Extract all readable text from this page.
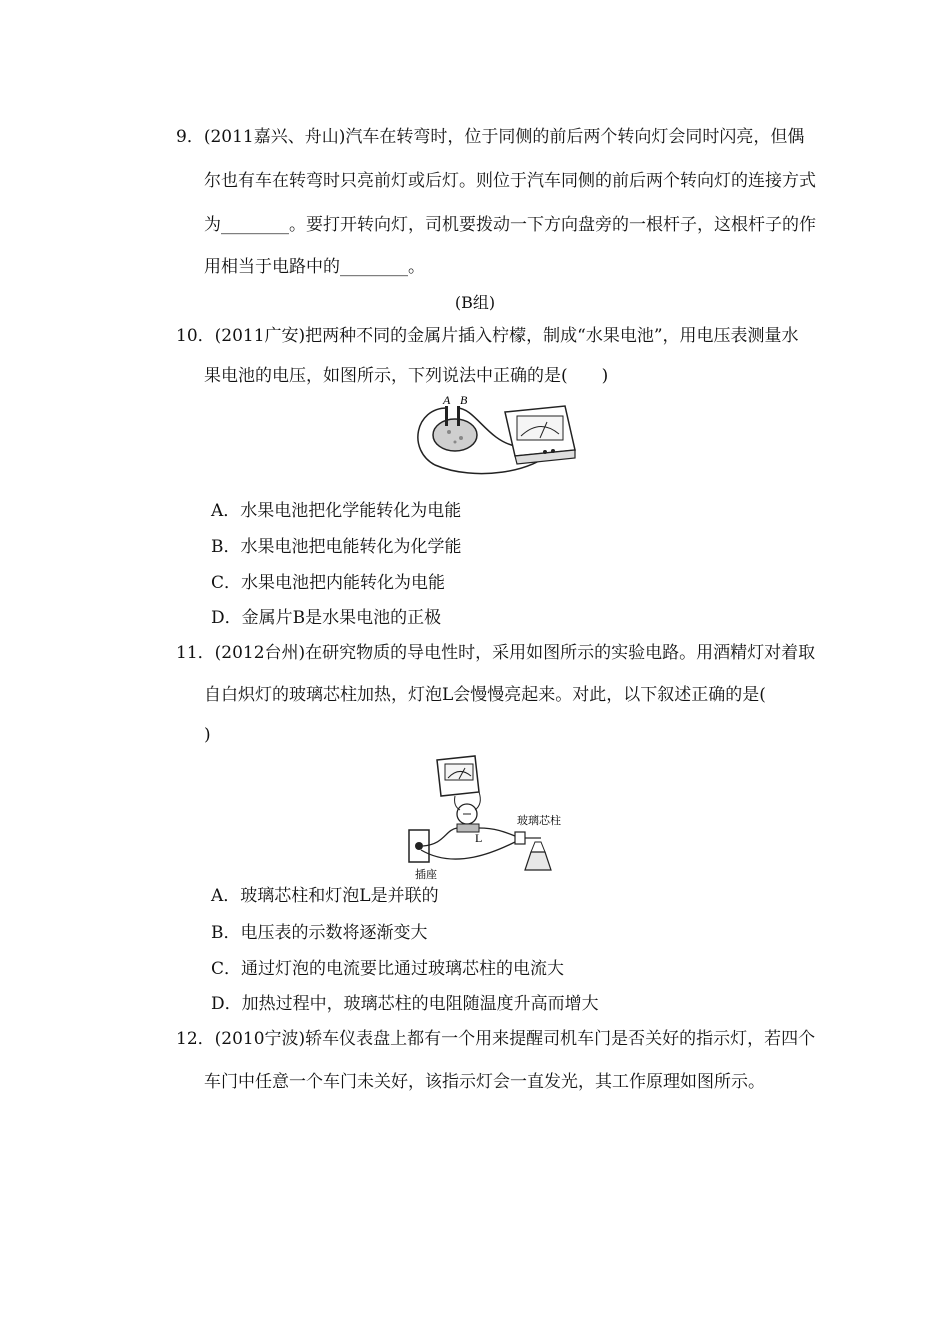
9．(2011嘉兴、舟山)汽车在转弯时，位于同侧的前后两个转向灯会同时闪亮，但偶
尔也有车在转弯时只亮前灯或后灯。则位于汽车同侧的前后两个转向灯的连接方式
为________。要打开转向灯，司机要拨动一下方向盘旁的一根杆子，这根杆子的作
用相当于电路中的________。
(B组)
10．(2011广安)把两种不同的金属片插入柠檬，制成“水果电池”，用电压表测量水
果电池的电压，如图所示，下列说法中正确的是(　　)
A B
A．水果电池把化学能转化为电能
B．水果电池把电能转化为化学能
C．水果电池把内能转化为电能
D．金属片B是水果电池的正极
11．(2012台州)在研究物质的导电性时，采用如图所示的实验电路。用酒精灯对着取
自白炽灯的玻璃芯柱加热，灯泡L会慢慢亮起来。对此，以下叙述正确的是(
)
L
插座
玻璃芯柱
A．玻璃芯柱和灯泡L是并联的
B．电压表的示数将逐渐变大
C．通过灯泡的电流要比通过玻璃芯柱的电流大
D．加热过程中，玻璃芯柱的电阻随温度升高而增大
12．(2010宁波)轿车仪表盘上都有一个用来提醒司机车门是否关好的指示灯，若四个
车门中任意一个车门未关好，该指示灯会一直发光，其工作原理如图所示。
